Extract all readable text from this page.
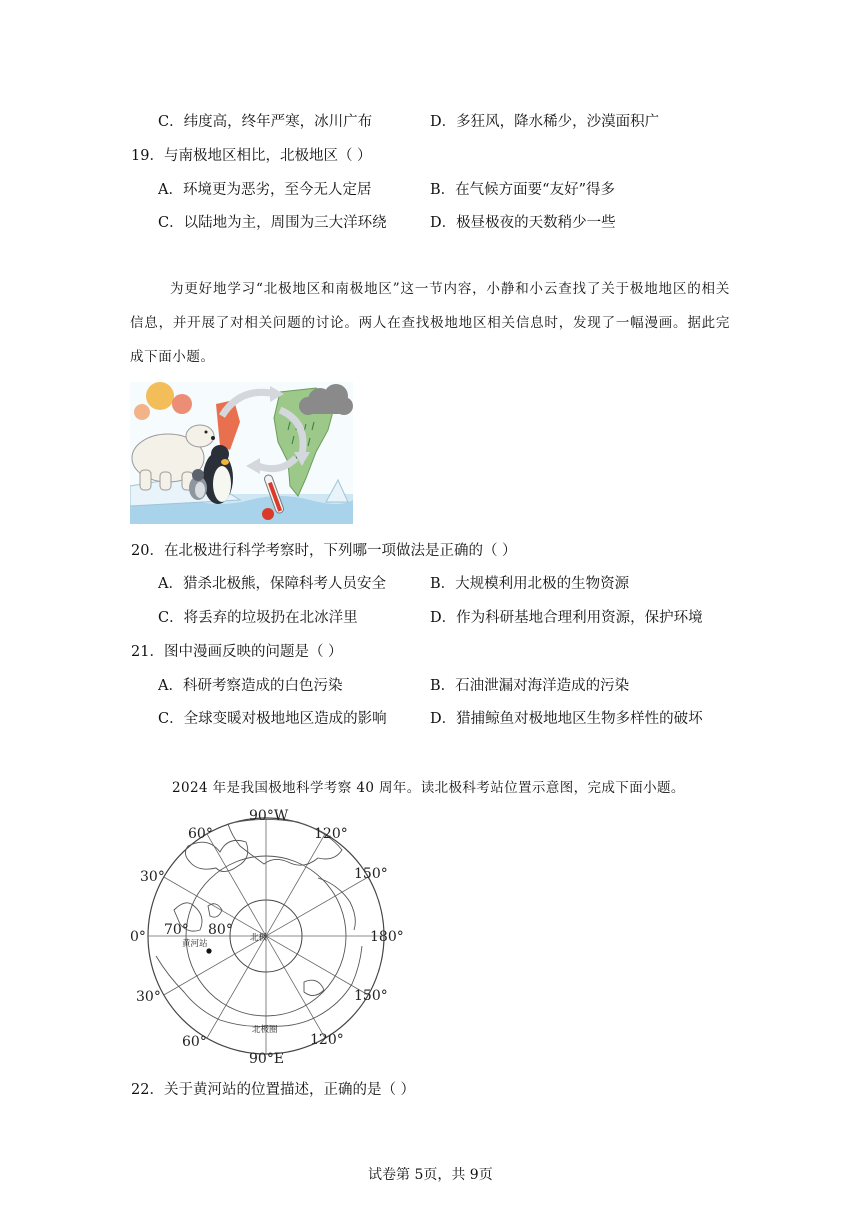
C．纬度高，终年严寒，冰川广布	D．多狂风，降水稀少，沙漠面积广
19．与南极地区相比，北极地区（ ）
A．环境更为恶劣，至今无人定居	B．在气候方面要“友好”得多
C．以陆地为主，周围为三大洋环绕	D．极昼极夜的天数稍少一些
为更好地学习“北极地区和南极地区”这一节内容，小静和小云查找了关于极地地区的相关信息，并开展了对相关问题的讨论。两人在查找极地地区相关信息时，发现了一幅漫画。据此完成下面小题。
20．在北极进行科学考察时，下列哪一项做法是正确的（ ）
A．猎杀北极熊，保障科考人员安全	B．大规模利用北极的生物资源
C．将丢弃的垃圾扔在北冰洋里	D．作为科研基地合理利用资源，保护环境
21．图中漫画反映的问题是（ ）
A．科研考察造成的白色污染	B．石油泄漏对海洋造成的污染
C．全球变暖对极地地区造成的影响	D．猎捕鲸鱼对极地地区生物多样性的破坏
2024 年是我国极地科学考察 40 周年。读北极科考站位置示意图，完成下面小题。
90°W
90°E
0°	180°
60°
30°
120°
150°
30°
60°
150°
120°
70° 80°
黄河站
北极
北极圈
22．关于黄河站的位置描述，正确的是（ ）
试卷第 5页，共 9页
